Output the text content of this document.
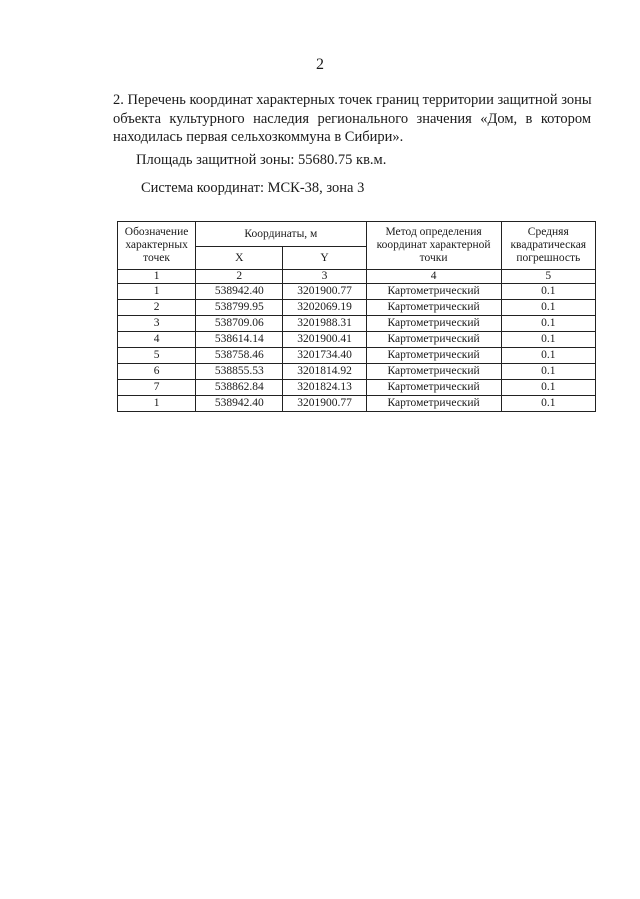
2
2. Перечень координат характерных точек границ территории защитной зоны
объекта культурного наследия регионального значения «Дом, в котором
находилась первая сельхозкоммуна в Сибири».
Площадь защитной зоны: 55680.75 кв.м.
Система координат: МСК-38, зона 3
Обозначение характерных точек	Координаты, м		Метод определения координат характерной точки	Средняя квадратическая погрешность
	X	Y		
1	2	3	4	5
1	538942.40	3201900.77	Картометрический	0.1
2	538799.95	3202069.19	Картометрический	0.1
3	538709.06	3201988.31	Картометрический	0.1
4	538614.14	3201900.41	Картометрический	0.1
5	538758.46	3201734.40	Картометрический	0.1
6	538855.53	3201814.92	Картометрический	0.1
7	538862.84	3201824.13	Картометрический	0.1
1	538942.40	3201900.77	Картометрический	0.1
